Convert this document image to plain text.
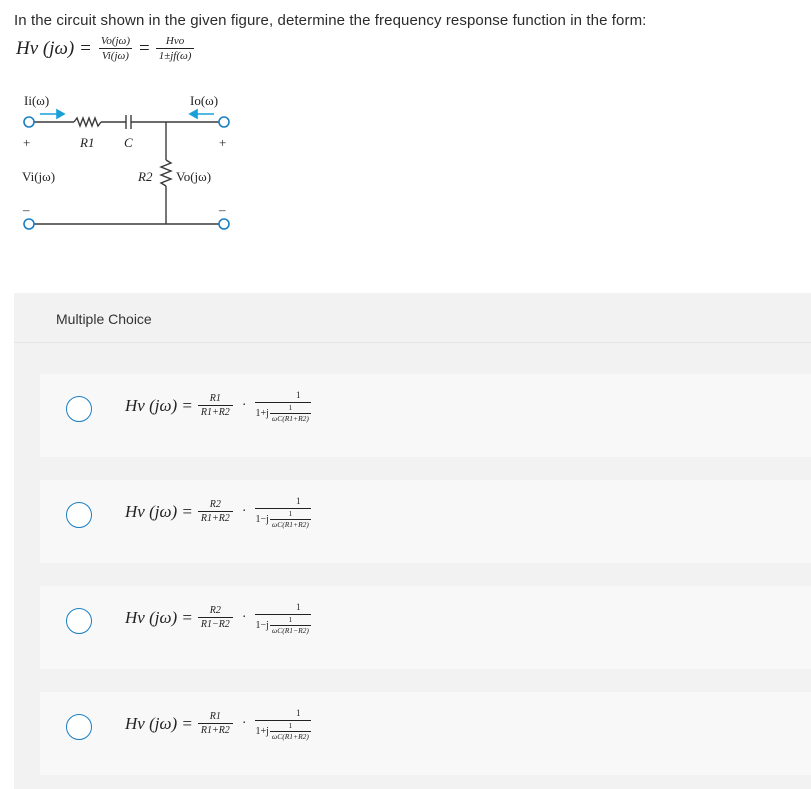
In the circuit shown in the given figure, determine the frequency response function in the form:
Hv $(j\omega) = \frac{Vo(j\omega)}{Vi(j\omega)} = \frac{\text{Hvo}}{1\pm jf(\omega)}$
Ii(ω)	Io(ω)
R1 C
R2
Vi(jω)	Vo(jω)
+	+
–	–
Multiple Choice
Hv $(j\omega) = \frac{R1}{R1+R2}$ ·
1
$1+j \frac{1}{\omega C(R1+R2)}$
Hv $(j\omega) = \frac{R2}{R1+R2}$ ·
1
$1-j \frac{1}{\omega C(R1+R2)}$
Hv $(j\omega) = \frac{R2}{R1-R2}$ ·
1
$1-j \frac{1}{\omega C(R1-R2)}$
Hv $(j\omega) = \frac{R1}{R1+R2}$ ·
1
$1+j \frac{1}{\omega C(R1+R2)}$
